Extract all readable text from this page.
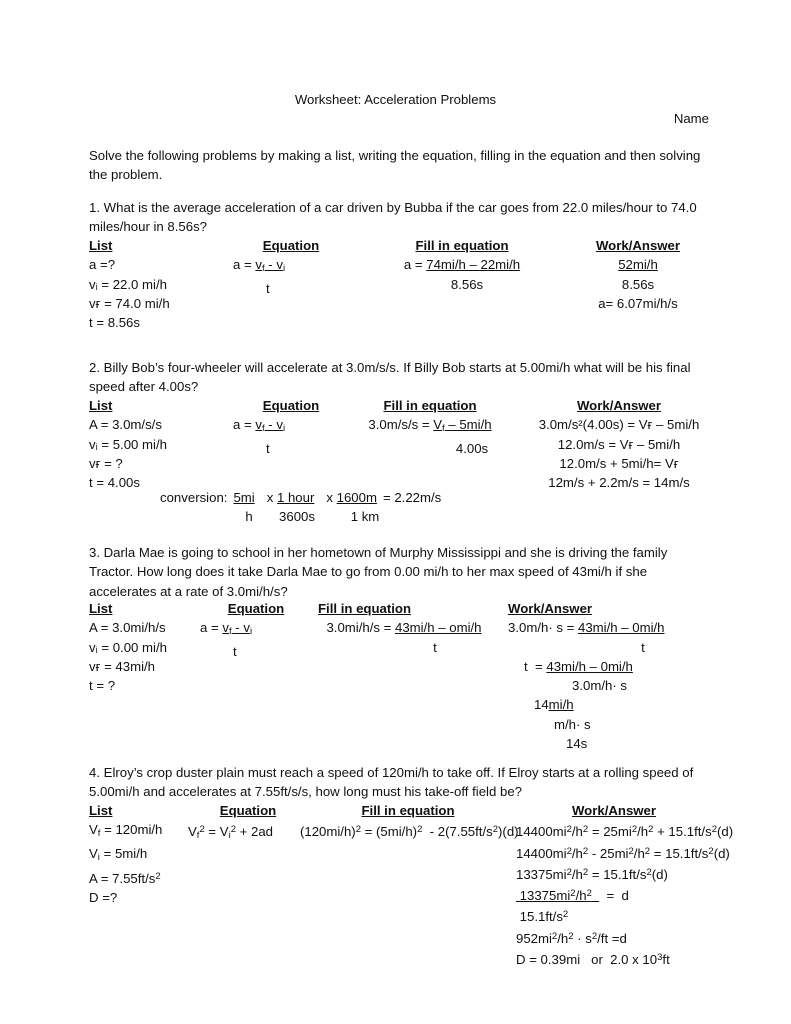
Worksheet: Acceleration Problems
Name
Solve the following problems by making a list, writing the equation, filling in the equation and then solving the problem.
1. What is the average acceleration of a car driven by Bubba if the car goes from 22.0 miles/hour to 74.0 miles/hour in 8.56s?
List
a =?
vᵢ = 22.0 mi/h
vғ = 74.0 mi/h
t = 8.56s
Equation
$a = v_f - v_i$
t
Fill in equation
a = 74mi/h – 22mi/h
8.56s
Work/Answer
52mi/h
8.56s
a= 6.07mi/h/s
2. Billy Bob’s four-wheeler will accelerate at 3.0m/s/s. If Billy Bob starts at 5.00mi/h what will be his final speed after 4.00s?
List
A = 3.0m/s/s
vᵢ = 5.00 mi/h
vғ = ?
t = 4.00s
Equation
$a = v_f - v_i$
t
Fill in equation
$3.0m/s/s = V_f - 5mi/h$
4.00s
Work/Answer
3.0m/s²(4.00s) = Vғ – 5mi/h
12.0m/s = Vғ – 5mi/h
12.0m/s + 5mi/h= Vғ
12m/s + 2.2m/s = 14m/s
conversion: 5mi x 1 hour x 1600m = 2.22m/s
h 3600s	1 km
3. Darla Mae is going to school in her hometown of Murphy Mississippi and she is driving the family Tractor. How long does it take Darla Mae to go from 0.00 mi/h to her max speed of 43mi/h if she accelerates at a rate of 3.0mi/h/s?
List
A = 3.0mi/h/s
vᵢ = 0.00 mi/h
vғ = 43mi/h
t = ?
Equation
$a = v_f - v_i$
t
Fill in equation
3.0mi/h/s = 43mi/h – omi/h
t
Work/Answer
3.0m/h· s = 43mi/h – 0mi/h
t
t  = 43mi/h – 0mi/h
3.0m/h· s
14mi/h
m/h· s
14s
4. Elroy’s crop duster plain must reach a speed of 120mi/h to take off. If Elroy starts at a rolling speed of 5.00mi/h and accelerates at 7.55ft/s/s, how long must his take-off field be?
List
$V_f = 120mi/h$
$V_i = 5mi/h$
$A = 7.55ft/s^2$
D =?
Equation
$V_f^2 = V_i^2 + 2ad$
Fill in equation
$(120mi/h)^2 = (5mi/h)^2 - 2(7.55ft/s^2)(d)$
Work/Answer
$14400mi^2/h^2 = 25mi^2/h^2 + 15.1ft/s^2(d)$
$14400mi^2/h^2 - 25mi^2/h^2 = 15.1ft/s^2(d)$
$13375mi^2/h^2 = 15.1ft/s^2(d)$
$13375mi^2/h^2$    =  d
$15.1ft/s^2$
$952mi^2/h^2 \cdot s^2/ft =d$
D = 0.39mi   or  2.0 x $10^3ft$
